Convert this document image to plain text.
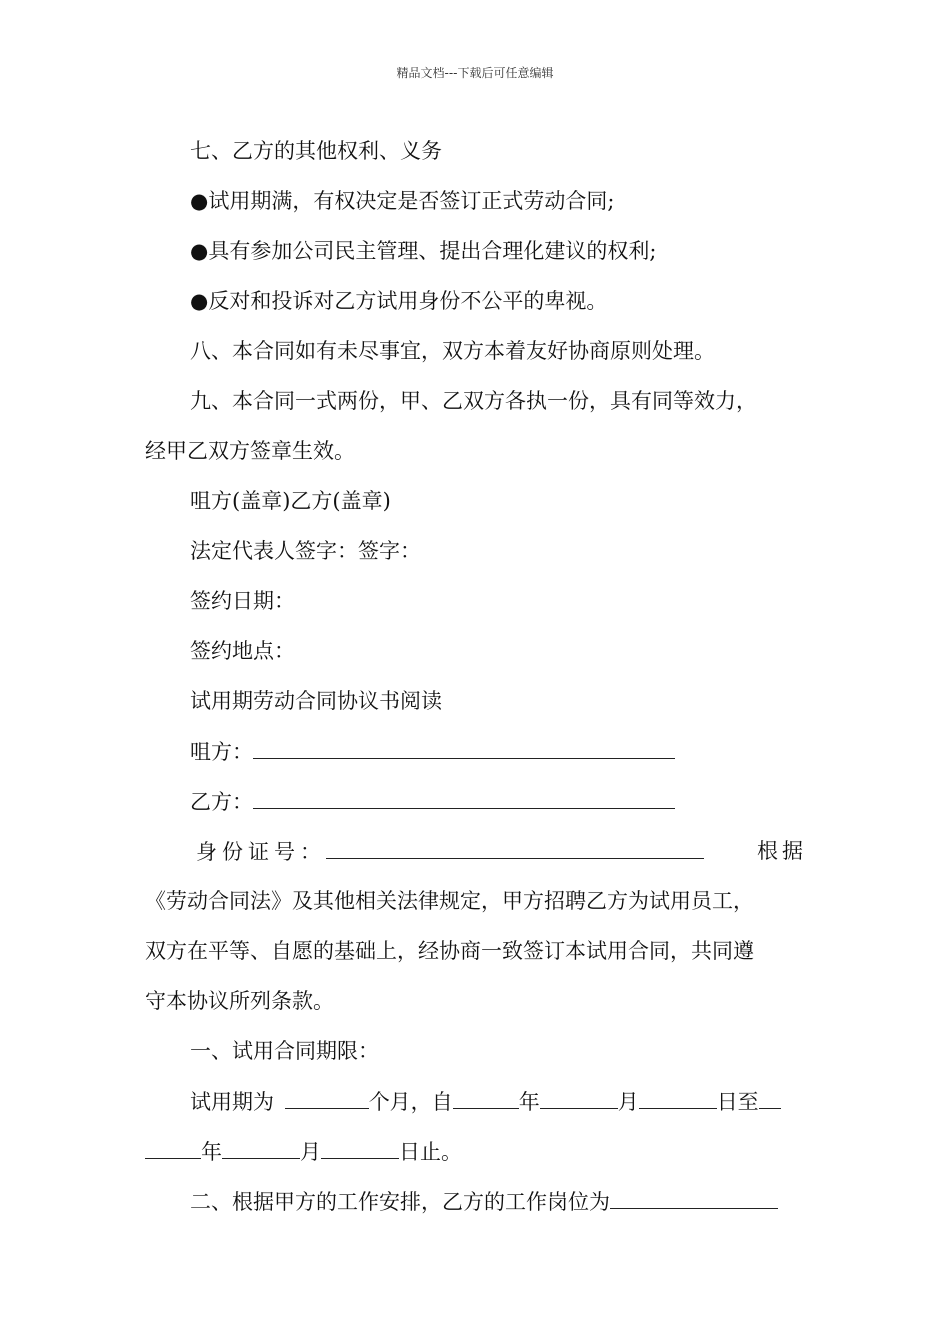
精品文档---下载后可任意编辑
七、乙方的其他权利、义务
●试用期满，有权决定是否签订正式劳动合同;
●具有参加公司民主管理、提出合理化建议的权利;
●反对和投诉对乙方试用身份不公平的卑视。
八、本合同如有未尽事宜，双方本着友好协商原则处理。
九、本合同一式两份，甲、乙双方各执一份，具有同等效力，
经甲乙双方签章生效。
咀方(盖章)乙方(盖章)
法定代表人签字：签字：
签约日期：
签约地点：
试用期劳动合同协议书阅读
咀方：
乙方：
身份证号：	根据
《劳动合同法》及其他相关法律规定，甲方招聘乙方为试用员工，
双方在平等、自愿的基础上，经协商一致签订本试用合同，共同遵
守本协议所列条款。
一、试用合同期限：
试用期为	个月，自	年	月	日至
年	月	日止。
二、根据甲方的工作安排，乙方的工作岗位为
